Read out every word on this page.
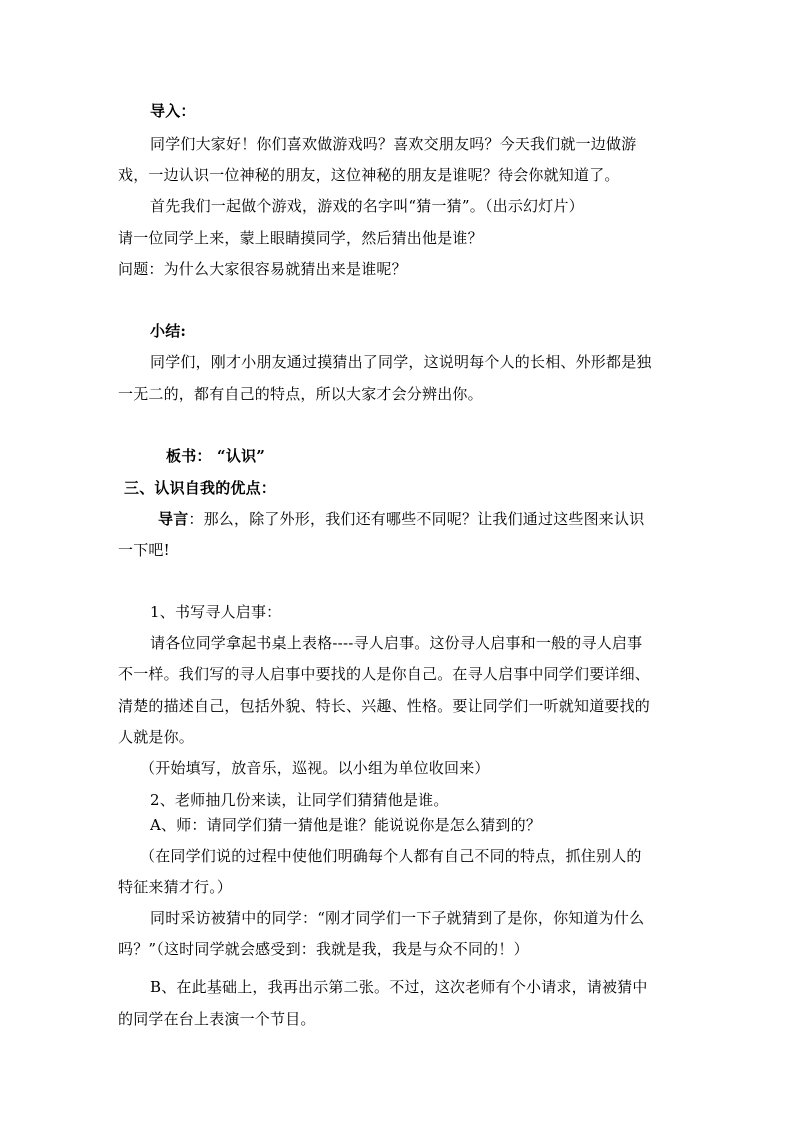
导入：
同学们大家好！你们喜欢做游戏吗？喜欢交朋友吗？今天我们就一边做游
戏，一边认识一位神秘的朋友，这位神秘的朋友是谁呢？待会你就知道了。
首先我们一起做个游戏，游戏的名字叫“猜一猜”。（出示幻灯片）
请一位同学上来，蒙上眼睛摸同学，然后猜出他是谁？
问题：为什么大家很容易就猜出来是谁呢？
小结:
同学们，刚才小朋友通过摸猜出了同学，这说明每个人的长相、外形都是独
一无二的，都有自己的特点，所以大家才会分辨出你。
板书： “认识”
三、认识自我的优点：
导言：那么，除了外形，我们还有哪些不同呢？让我们通过这些图来认识
一下吧!
1、书写寻人启事：
请各位同学拿起书桌上表格----寻人启事。这份寻人启事和一般的寻人启事
不一样。我们写的寻人启事中要找的人是你自己。在寻人启事中同学们要详细、
清楚的描述自己，包括外貌、特长、兴趣、性格。要让同学们一听就知道要找的
人就是你。
（开始填写，放音乐，巡视。以小组为单位收回来）
2、老师抽几份来读，让同学们猜猜他是谁。
A、师：请同学们猜一猜他是谁？能说说你是怎么猜到的？
（在同学们说的过程中使他们明确每个人都有自己不同的特点，抓住别人的
特征来猜才行。）
同时采访被猜中的同学：“刚才同学们一下子就猜到了是你，你知道为什么
吗？”（这时同学就会感受到：我就是我，我是与众不同的！）
B、在此基础上，我再出示第二张。不过，这次老师有个小请求，请被猜中
的同学在台上表演一个节目。
